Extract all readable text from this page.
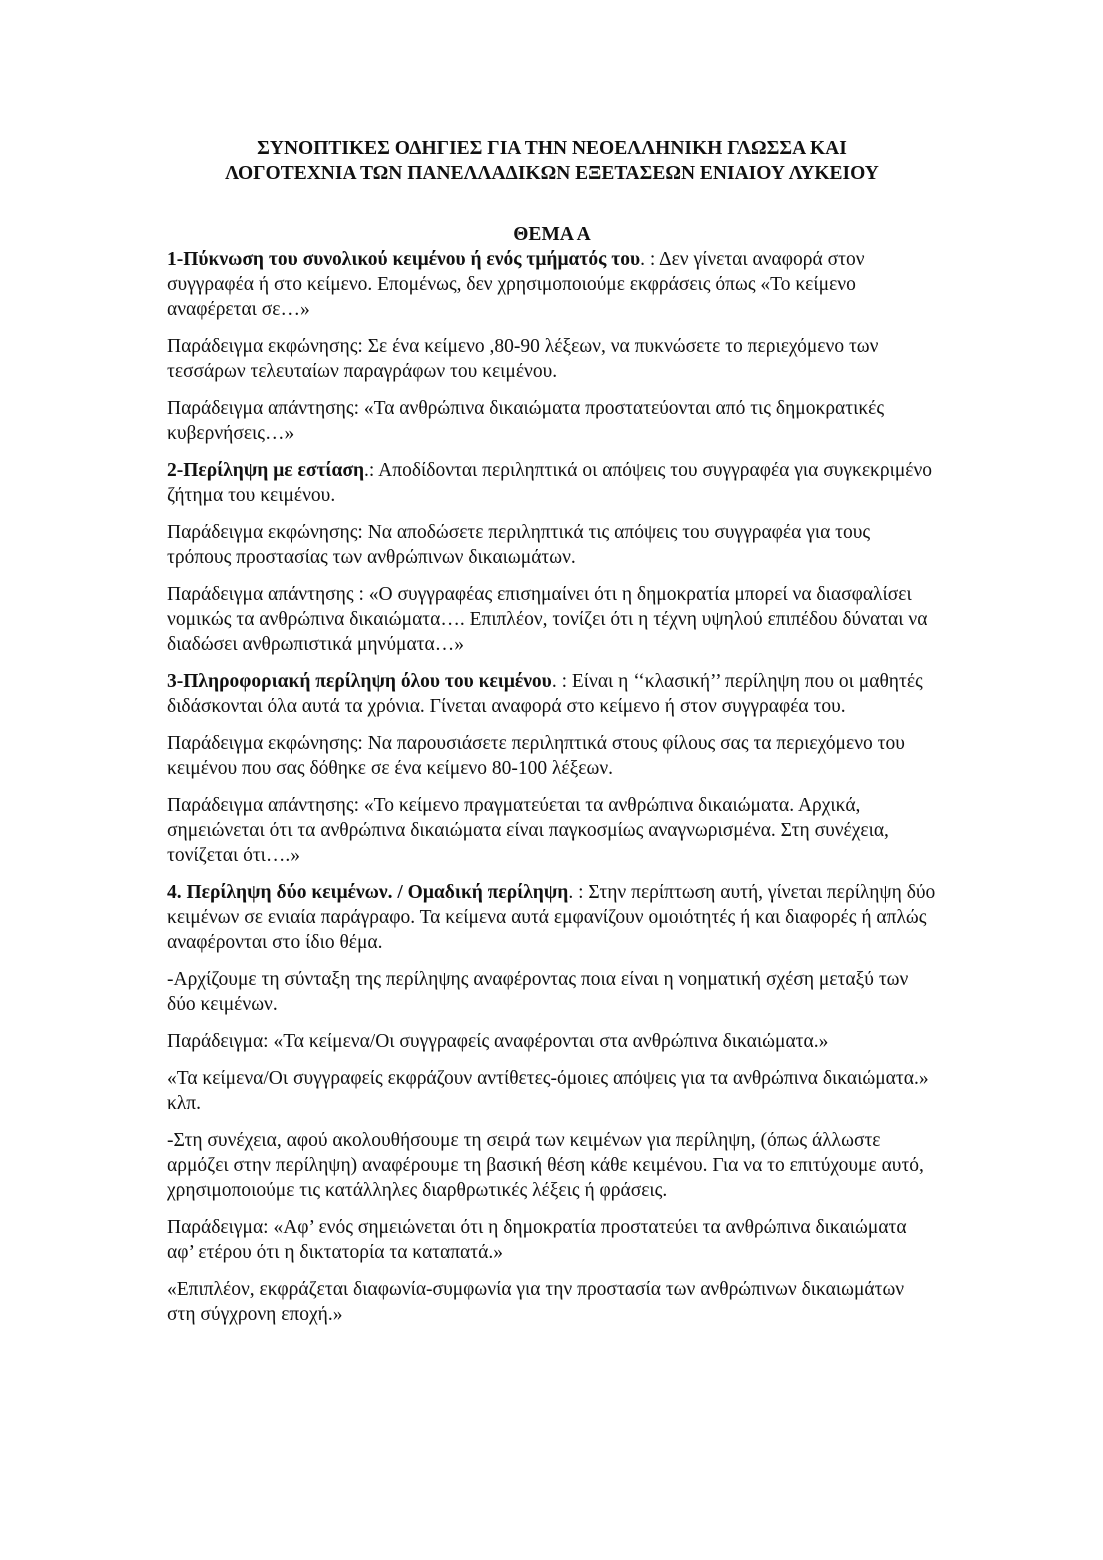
ΣΥΝΟΠΤΙΚΕΣ ΟΔΗΓΙΕΣ ΓΙΑ ΤΗΝ ΝΕΟΕΛΛΗΝΙΚΗ ΓΛΩΣΣΑ ΚΑΙ
ΛΟΓΟΤΕΧΝΙΑ ΤΩΝ ΠΑΝΕΛΛΑΔΙΚΩΝ ΕΞΕΤΑΣΕΩΝ ΕΝΙΑΙΟΥ ΛΥΚΕΙΟΥ

ΘΕΜΑ Α

1-Πύκνωση του συνολικού κειμένου ή ενός τμήματός του. : Δεν γίνεται αναφορά στον συγγραφέα ή στο κείμενο. Επομένως, δεν χρησιμοποιούμε εκφράσεις όπως «Το κείμενο αναφέρεται σε…»

Παράδειγμα εκφώνησης: Σε ένα κείμενο ,80-90 λέξεων, να πυκνώσετε το περιεχόμενο των τεσσάρων τελευταίων παραγράφων του κειμένου.

Παράδειγμα απάντησης: «Τα ανθρώπινα δικαιώματα προστατεύονται από τις δημοκρατικές κυβερνήσεις…»

2-Περίληψη με εστίαση.: Αποδίδονται περιληπτικά οι απόψεις του συγγραφέα για συγκεκριμένο ζήτημα του κειμένου.

Παράδειγμα εκφώνησης: Να αποδώσετε περιληπτικά τις απόψεις του συγγραφέα για τους τρόπους προστασίας των ανθρώπινων δικαιωμάτων.

Παράδειγμα απάντησης : «Ο συγγραφέας επισημαίνει ότι η δημοκρατία μπορεί να διασφαλίσει νομικώς τα ανθρώπινα δικαιώματα…. Επιπλέον, τονίζει ότι η τέχνη υψηλού επιπέδου δύναται να διαδώσει ανθρωπιστικά μηνύματα…»

3-Πληροφοριακή περίληψη όλου του κειμένου. : Είναι η ‘‘κλασική’’ περίληψη που οι μαθητές διδάσκονται όλα αυτά τα χρόνια. Γίνεται αναφορά στο κείμενο ή στον συγγραφέα του.

Παράδειγμα εκφώνησης: Να παρουσιάσετε περιληπτικά στους φίλους σας τα περιεχόμενο του κειμένου που σας δόθηκε σε ένα κείμενο 80-100 λέξεων.

Παράδειγμα απάντησης: «Το κείμενο πραγματεύεται τα ανθρώπινα δικαιώματα. Αρχικά, σημειώνεται ότι τα ανθρώπινα δικαιώματα είναι παγκοσμίως αναγνωρισμένα. Στη συνέχεια, τονίζεται ότι….»

4. Περίληψη δύο κειμένων. / Ομαδική περίληψη. : Στην περίπτωση αυτή, γίνεται περίληψη δύο κειμένων σε ενιαία παράγραφο. Τα κείμενα αυτά εμφανίζουν ομοιότητές ή και διαφορές ή απλώς αναφέρονται στο ίδιο θέμα.

-Αρχίζουμε τη σύνταξη της περίληψης αναφέροντας ποια είναι η νοηματική σχέση μεταξύ των δύο κειμένων.

Παράδειγμα: «Τα κείμενα/Οι συγγραφείς αναφέρονται στα ανθρώπινα δικαιώματα.»

«Τα κείμενα/Οι συγγραφείς εκφράζουν αντίθετες-όμοιες απόψεις για τα ανθρώπινα δικαιώματα.» κλπ.

-Στη συνέχεια, αφού ακολουθήσουμε τη σειρά των κειμένων για περίληψη, (όπως άλλωστε αρμόζει στην περίληψη) αναφέρουμε τη βασική θέση κάθε κειμένου. Για να το επιτύχουμε αυτό, χρησιμοποιούμε τις κατάλληλες διαρθρωτικές λέξεις ή φράσεις.

Παράδειγμα: «Αφ’ ενός σημειώνεται ότι η δημοκρατία προστατεύει τα ανθρώπινα δικαιώματα αφ’ ετέρου ότι η δικτατορία τα καταπατά.»

«Επιπλέον, εκφράζεται διαφωνία-συμφωνία για την προστασία των ανθρώπινων δικαιωμάτων στη σύγχρονη εποχή.»
